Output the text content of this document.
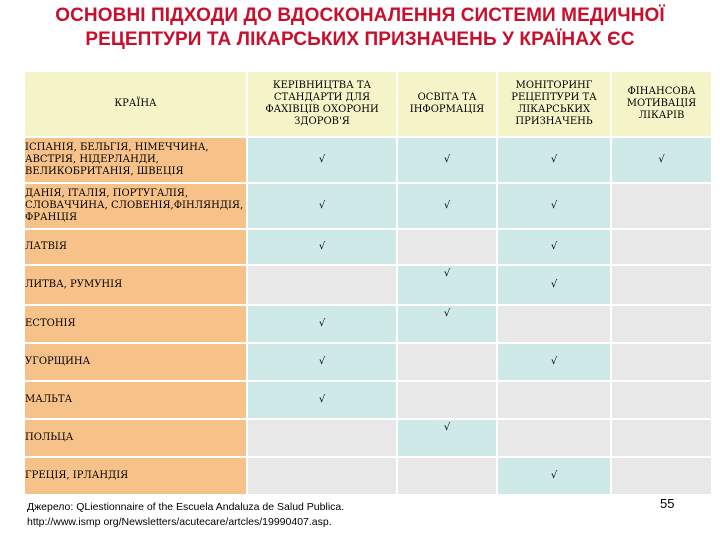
ОСНОВНІ ПІДХОДИ ДО ВДОСКОНАЛЕННЯ СИСТЕМИ МЕДИЧНОЇ
РЕЦЕПТУРИ ТА ЛІКАРСЬКИХ ПРИЗНАЧЕНЬ У КРАЇНАХ ЄС
КРАЇНА	КЕРІВНИЦТВА ТА СТАНДАРТИ ДЛЯ ФАХІВЦІВ ОХОРОНИ ЗДОРОВ'Я	ОСВІТА ТА ІНФОРМАЦІЯ	МОНІТОРИНГ РЕЦЕПТУРИ ТА ЛІКАРСЬКИХ ПРИЗНАЧЕНЬ	ФІНАНСОВА МОТИВАЦІЯ ЛІКАРІВ
ІСПАНІЯ, БЕЛЬГІЯ, НІМЕЧЧИНА, АВСТРІЯ, НІДЕРЛАНДИ, ВЕЛИКОБРИТАНІЯ, ШВЕЦІЯ	√	√	√	√
ДАНІЯ, ІТАЛІЯ, ПОРТУГАЛІЯ, СЛОВАЧЧИНА, СЛОВЕНІЯ,ФІНЛЯНДІЯ, ФРАНЦІЯ	√	√	√	
ЛАТВІЯ	√		√	
ЛИТВА, РУМУНІЯ		√	√	
ЕСТОНІЯ	√	√		
УГОРЩИНА	√		√	
МАЛЬТА	√			
ПОЛЬЦА		√		
ГРЕЦІЯ, ІРЛАНДІЯ			√	
Джерело: QLiestionnaire of the Escuela Andaluza de Salud Publica.
http://www.ismp org/Newsletters/acutecare/artcles/19990407.asp.
55
